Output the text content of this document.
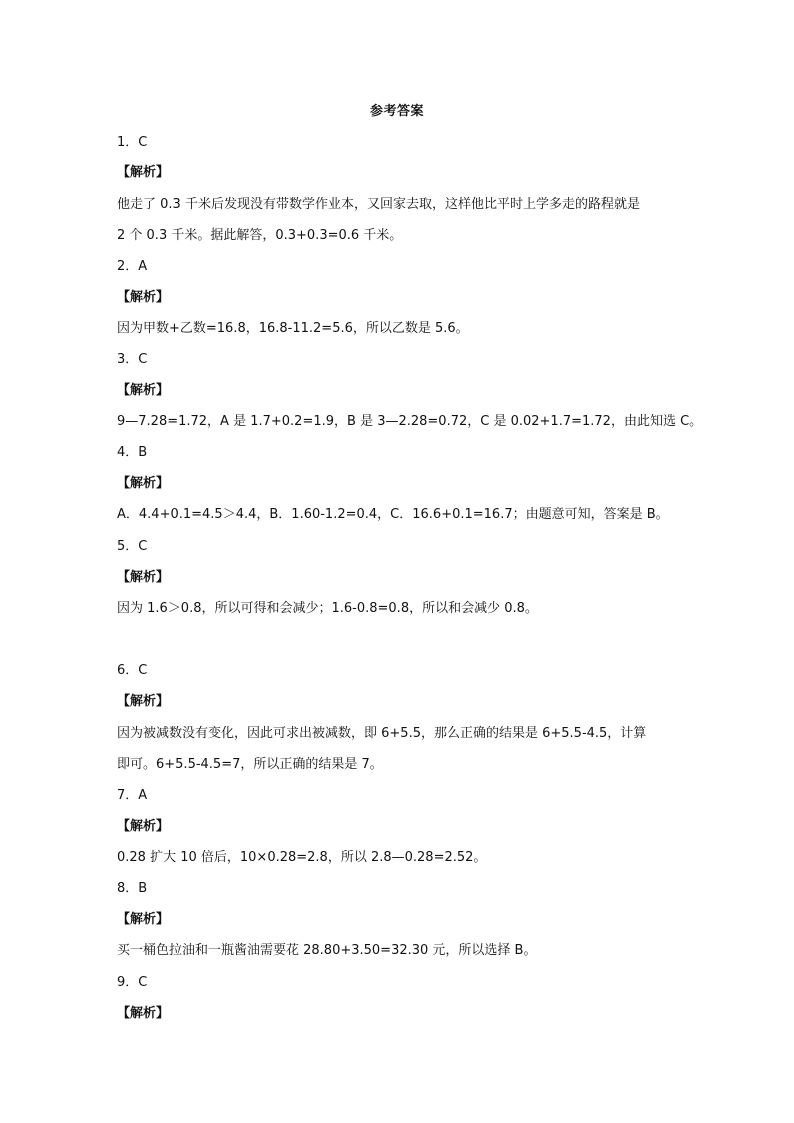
参考答案
1．C
【解析】
他走了 0.3 千米后发现没有带数学作业本，又回家去取，这样他比平时上学多走的路程就是
2 个 0.3 千米。据此解答，0.3+0.3=0.6 千米。
2．A
【解析】
因为甲数+乙数=16.8，16.8-11.2=5.6，所以乙数是 5.6。
3．C
【解析】
9—7.28=1.72，A 是 1.7+0.2=1.9，B 是 3—2.28=0.72，C 是 0.02+1.7=1.72，由此知选 C。
4．B
【解析】
A．4.4+0.1=4.5＞4.4，B．1.60-1.2=0.4，C．16.6+0.1=16.7；由题意可知，答案是 B。
5．C
【解析】
因为 1.6＞0.8，所以可得和会减少；1.6-0.8=0.8，所以和会减少 0.8。
6．C
【解析】
因为被减数没有变化，因此可求出被减数，即 6+5.5，那么正确的结果是 6+5.5-4.5，计算
即可。6+5.5-4.5=7，所以正确的结果是 7。
7．A
【解析】
0.28 扩大 10 倍后，10×0.28=2.8，所以 2.8—0.28=2.52。
8．B
【解析】
买一桶色拉油和一瓶酱油需要花 28.80+3.50=32.30 元，所以选择 B。
9．C
【解析】
